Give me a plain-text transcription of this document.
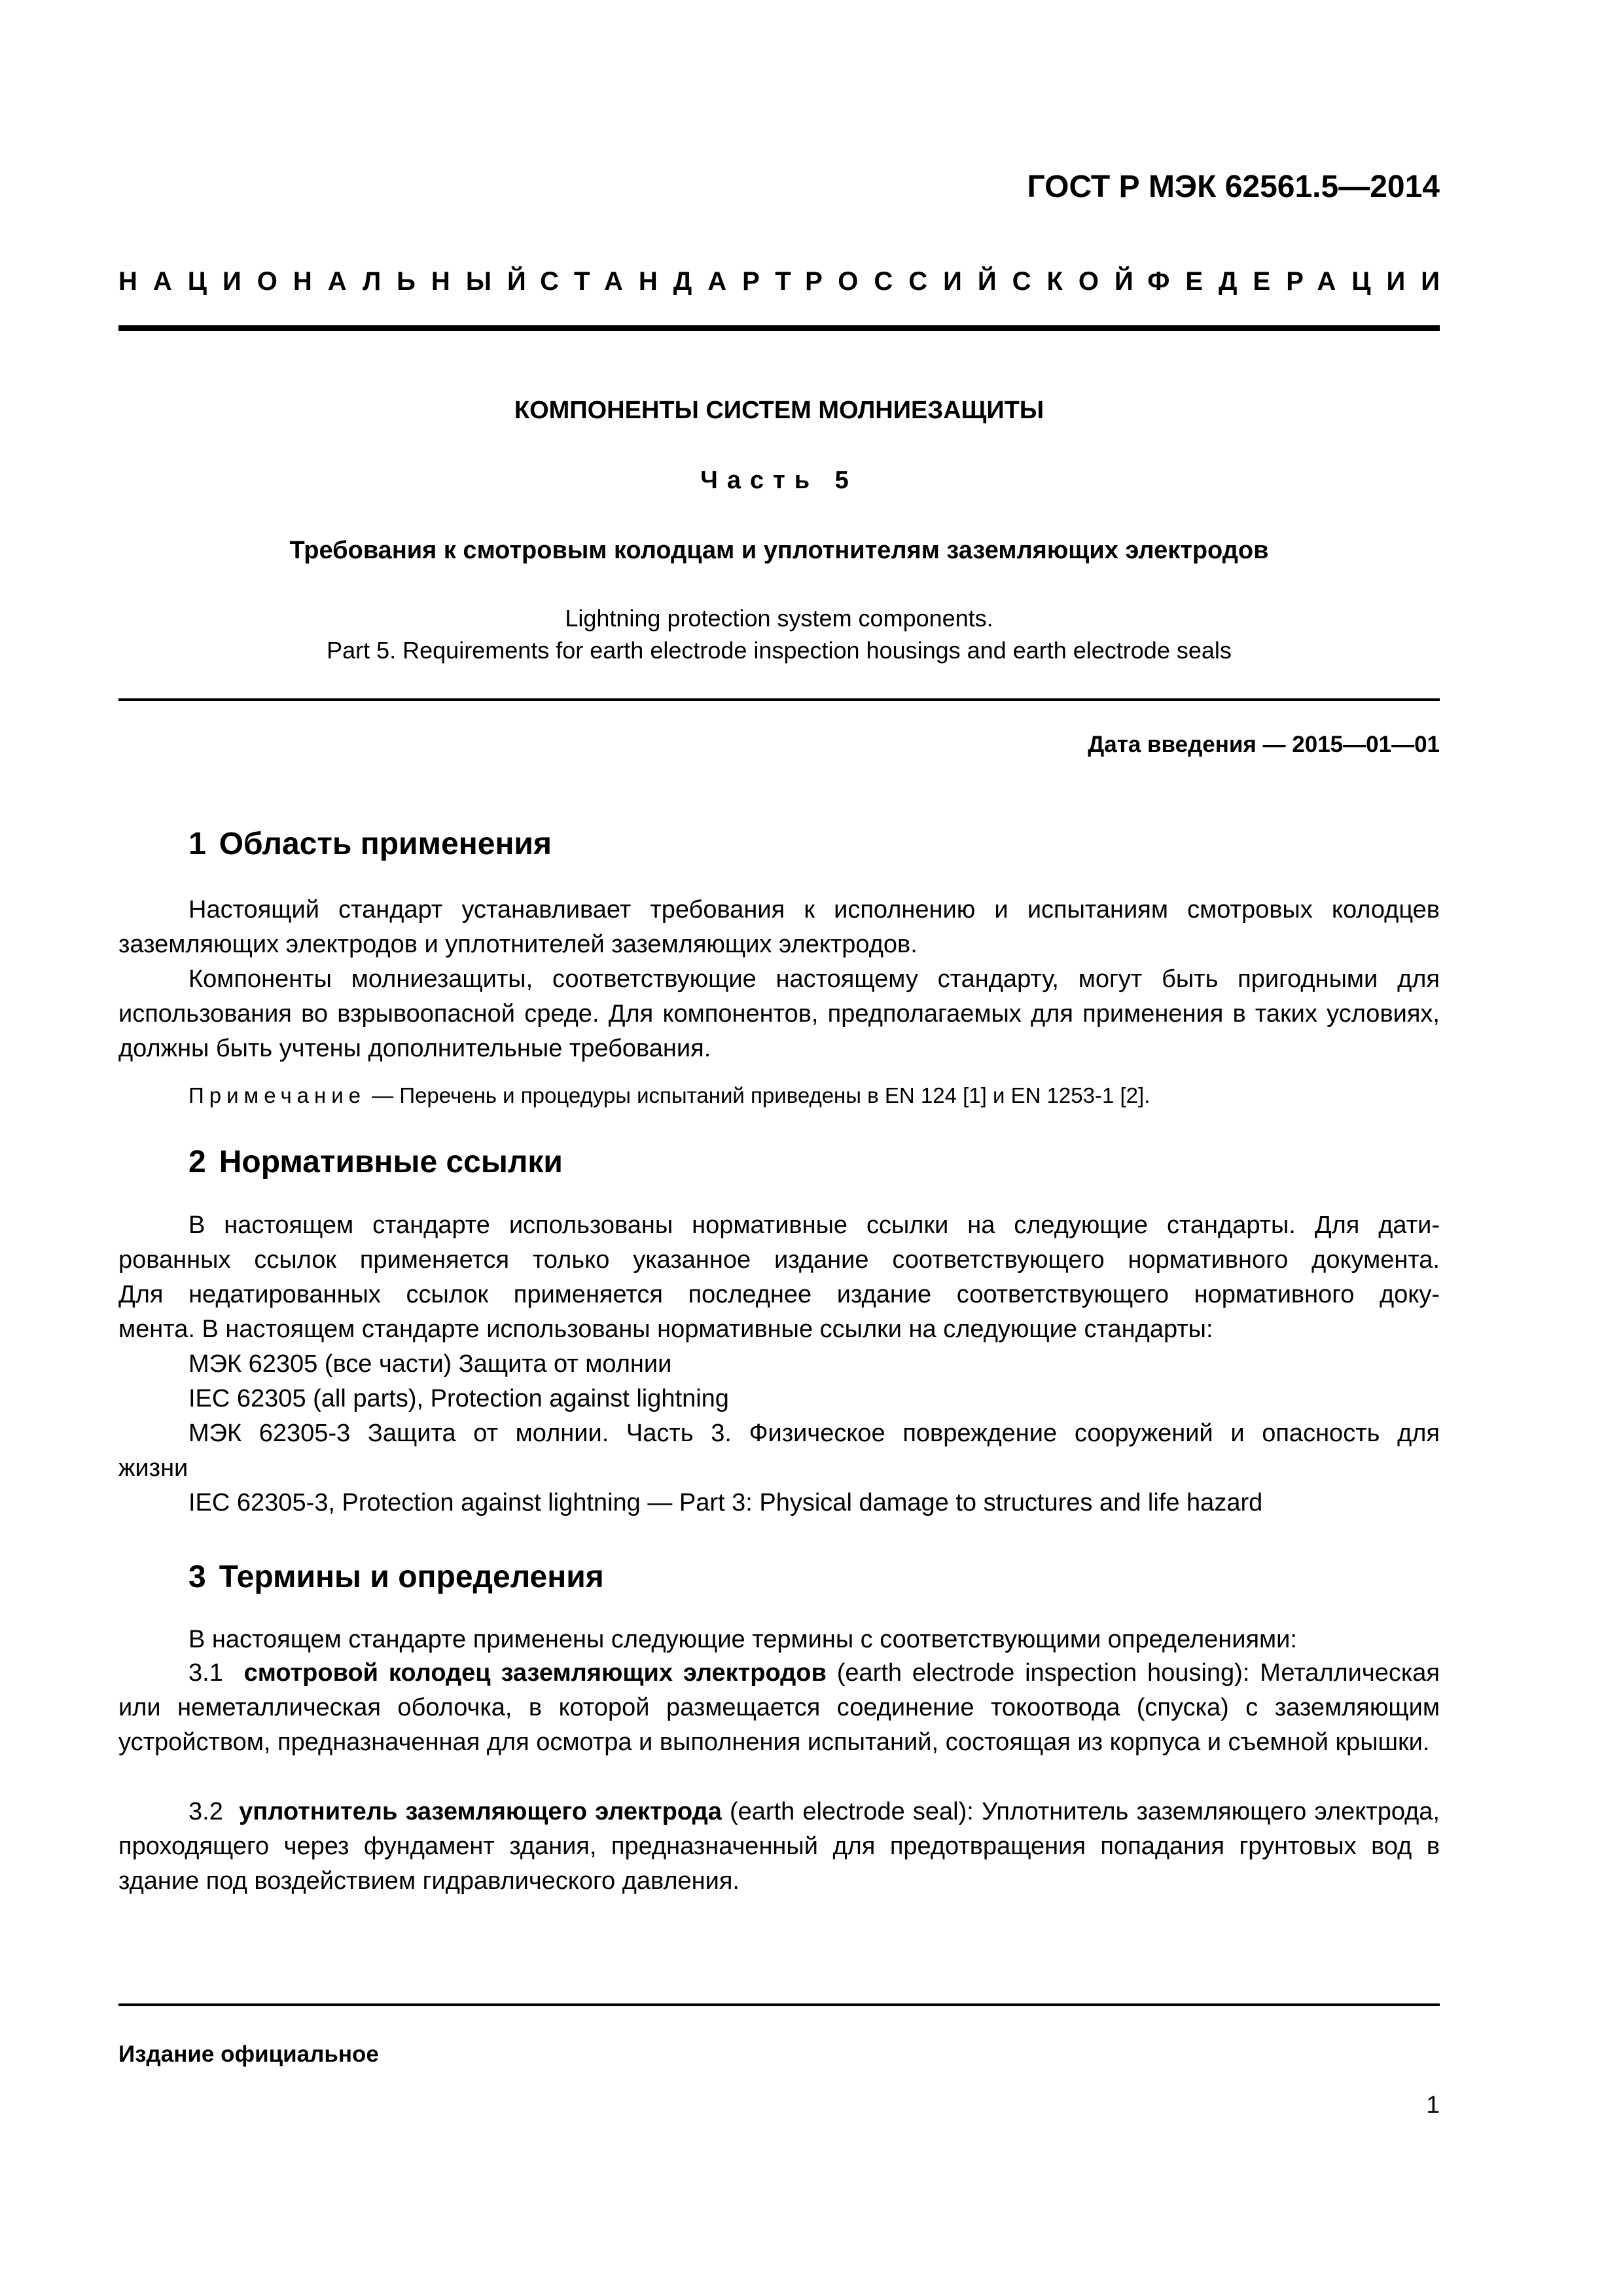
ГОСТ Р МЭК 62561.5—2014
НАЦИОНАЛЬНЫЙ
СТАНДАРТ
РОССИЙСКОЙ
ФЕДЕРАЦИИ
КОМПОНЕНТЫ СИСТЕМ МОЛНИЕЗАЩИТЫ
Часть 5
Требования к смотровым колодцам и уплотнителям заземляющих электродов
Lightning protection system components.
Part 5. Requirements for earth electrode inspection housings and earth electrode seals
Дата введения — 2015—01—01
1 Область применения
Настоящий стандарт устанавливает требования к исполнению и испытаниям смотровых колодцев заземляющих электродов и уплотнителей заземляющих электродов.
Компоненты молниезащиты, соответствующие настоящему стандарту, могут быть пригодными для использования во взрывоопасной среде. Для компонентов, предполагаемых для применения в таких условиях, должны быть учтены дополнительные требования.
Примечание — Перечень и процедуры испытаний приведены в EN 124 [1] и EN 1253-1 [2].
2 Нормативные ссылки
В настоящем стандарте использованы нормативные ссылки на следующие стандарты. Для дати-
рованных ссылок применяется только указанное издание соответствующего нормативного документа.
Для недатированных ссылок применяется последнее издание соответствующего нормативного доку-
мента. В настоящем стандарте использованы нормативные ссылки на следующие стандарты:
МЭК 62305 (все части) Защита от молнии
IEC 62305 (all parts), Protection against lightning
МЭК 62305-3 Защита от молнии. Часть 3. Физическое повреждение сооружений и опасность для
жизни
IEC 62305-3, Protection against lightning — Part 3: Physical damage to structures and life hazard
3 Термины и определения
В настоящем стандарте применены следующие термины с соответствующими определениями:
3.1 смотровой колодец заземляющих электродов (earth electrode inspection housing): Металлическая или неметаллическая оболочка, в которой размещается соединение токоотвода (спуска) с заземляющим устройством, предназначенная для осмотра и выполнения испытаний, состоящая из корпуса и съемной крышки.
3.2 уплотнитель заземляющего электрода (earth electrode seal): Уплотнитель заземляющего электрода, проходящего через фундамент здания, предназначенный для предотвращения попадания грунтовых вод в здание под воздействием гидравлического давления.
Издание официальное
1
